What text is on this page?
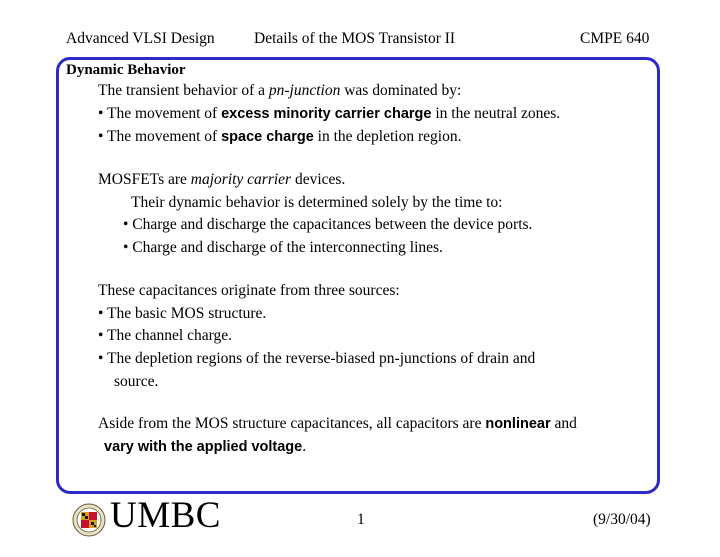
Advanced VLSI Design	Details of the MOS Transistor II	CMPE 640
Dynamic Behavior
The transient behavior of a pn-junction was dominated by:
• The movement of excess minority carrier charge in the neutral zones.
• The movement of space charge in the depletion region.
MOSFETs are majority carrier devices.
Their dynamic behavior is determined solely by the time to:
• Charge and discharge the capacitances between the device ports.
• Charge and discharge of the interconnecting lines.
These capacitances originate from three sources:
• The basic MOS structure.
• The channel charge.
• The depletion regions of the reverse-biased pn-junctions of drain and
source.
Aside from the MOS structure capacitances, all capacitors are nonlinear and
vary with the applied voltage.
UMBC	1	(9/30/04)
